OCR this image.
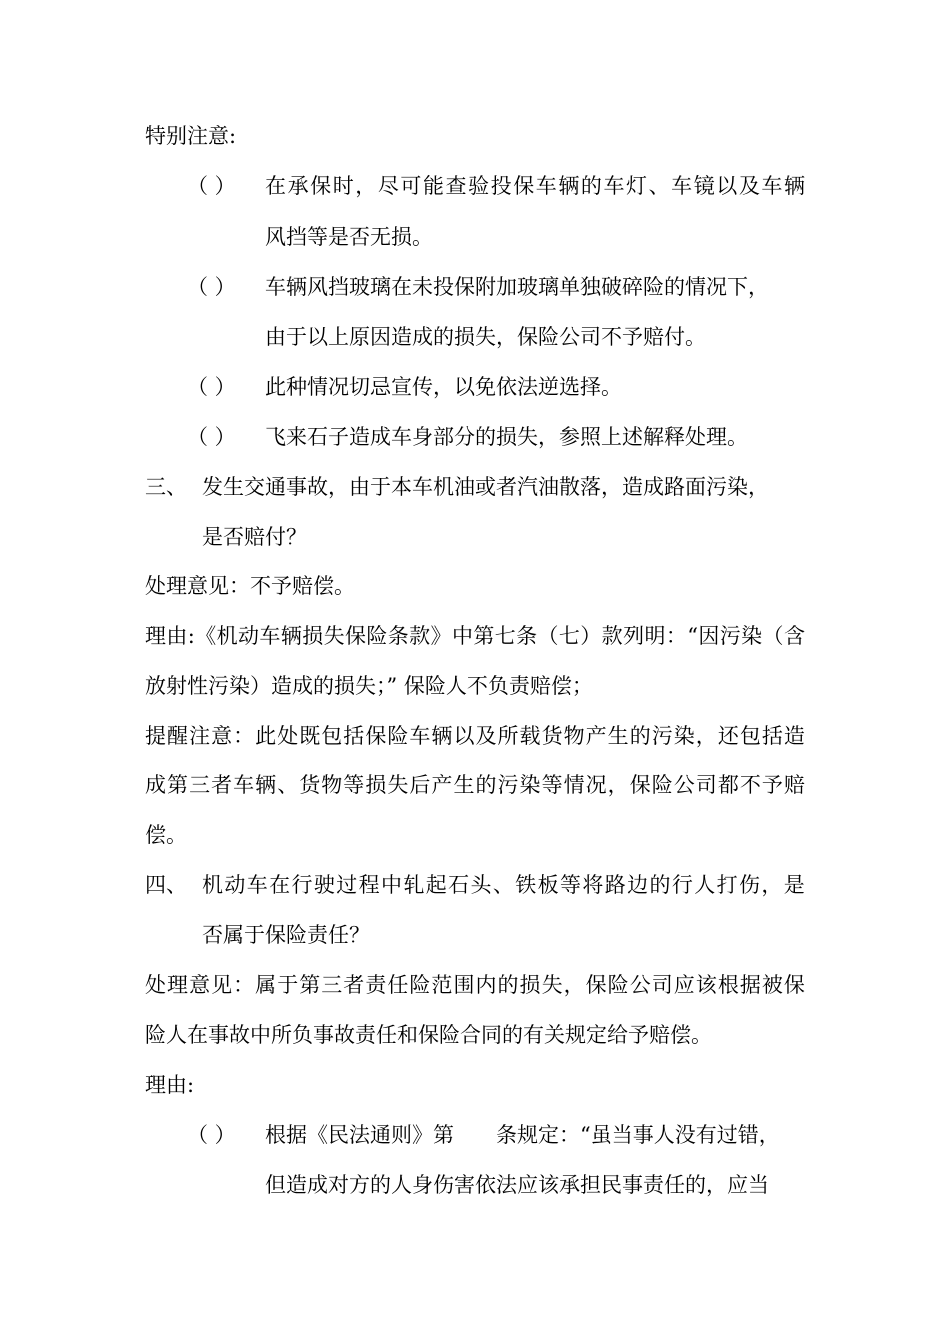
特别注意:
（ ） 在 承 保 时 ， 尽 可 能 查 验 投 保 车 辆 的 车 灯 、 车 镜 以 及 车 辆
风挡等是否无损。
（ ） 车辆风挡玻璃在未投保附加玻璃单独破碎险的情况下，
由于以上原因造成的损失，保险公司不予赔付。
（ ） 此种情况切忌宣传，以免依法逆选择。
（ ） 飞来石子造成车身部分的损失，参照上述解释处理。
三、 发生交通事故，由于本车机油或者汽油散落，造成路面污染，
是否赔付？
处理意见：不予赔偿。
理 由 : 《 机 动 车 辆 损 失 保 险 条 款 》 中 第 七 条 （ 七 ） 款 列 明 ： “ 因 污 染 （ 含
放射性污染）造成的损失；” 保险人不负责赔偿；
提 醒 注 意 ： 此 处 既 包 括 保 险 车 辆 以 及 所 载 货 物 产 生 的 污 染 ， 还 包 括 造
成 第 三 者 车 辆 、 货 物 等 损 失 后 产 生 的 污 染 等 情 况 ， 保 险 公 司 都 不 予 赔
偿。
四、 机 动 车 在 行 驶 过 程 中 轧 起 石 头 、 铁 板 等 将 路 边 的 行 人 打 伤 ， 是
否属于保险责任？
处 理 意 见 ： 属 于 第 三 者 责 任 险 范 围 内 的 损 失 ， 保 险 公 司 应 该 根 据 被 保
险人在事故中所负事故责任和保险合同的有关规定给予赔偿。
理由:
（ ） 根据《民法通则》第　　条规定：“虽当事人没有过错，
但造成对方的人身伤害依法应该承担民事责任的，应当
